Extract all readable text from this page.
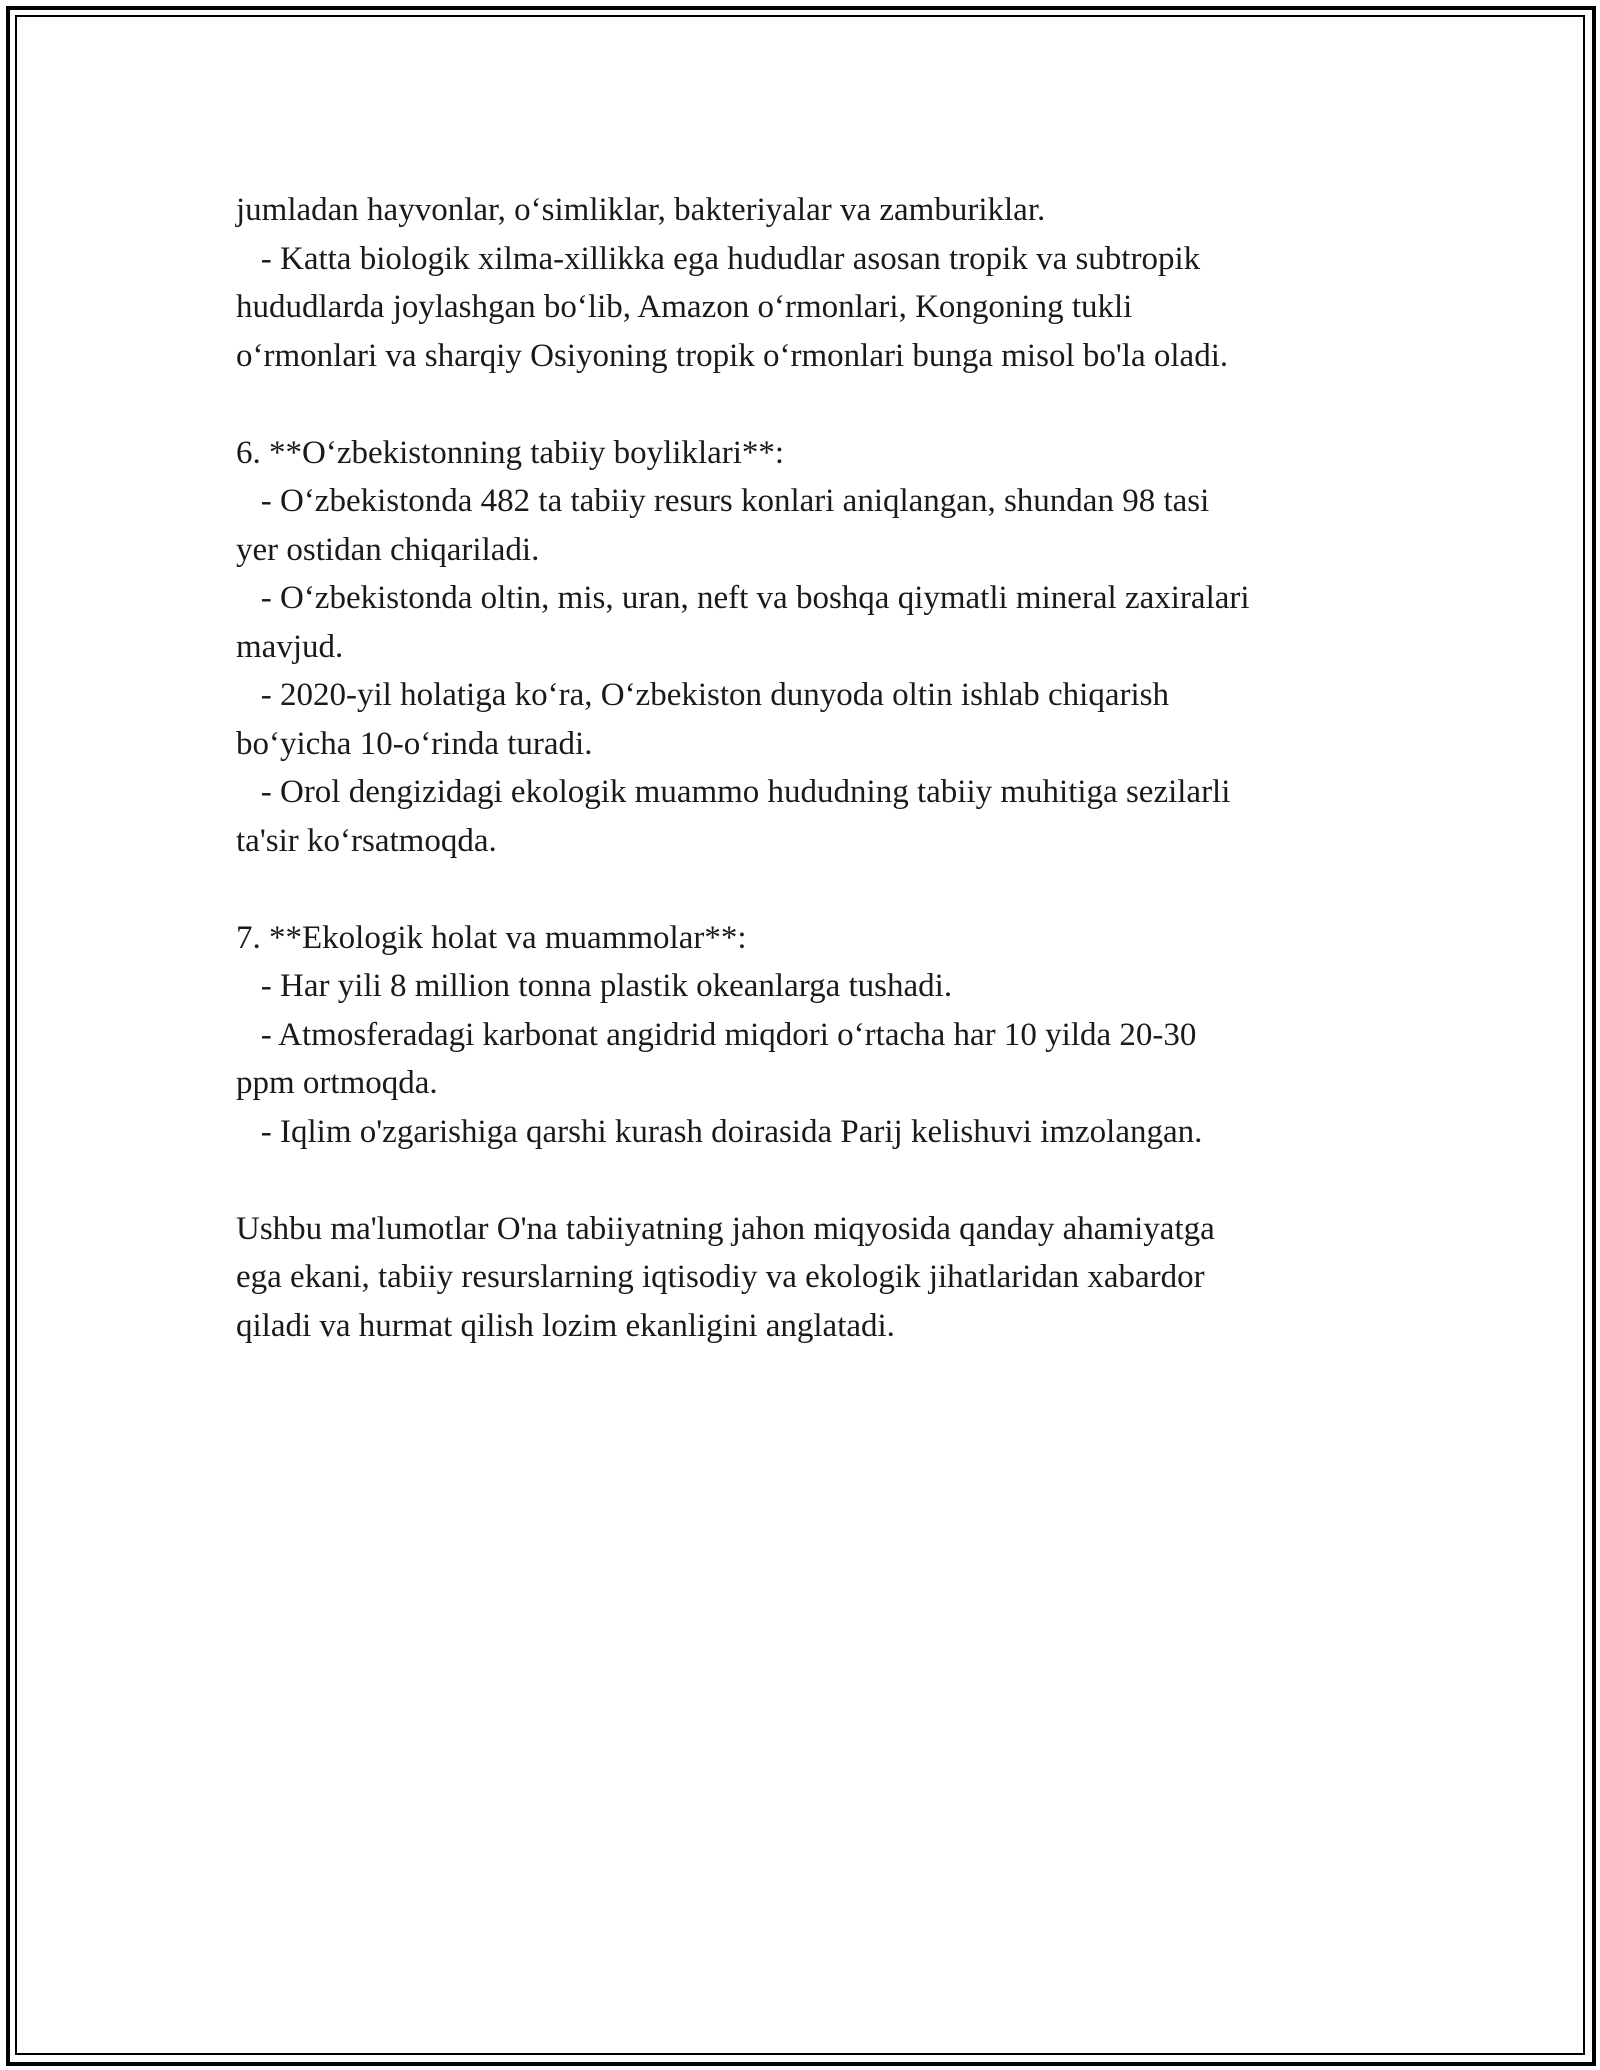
jumladan hayvonlar, o‘simliklar, bakteriyalar va zamburiklar.
- Katta biologik xilma-xillikka ega hududlar asosan tropik va subtropik
hududlarda joylashgan bo‘lib, Amazon o‘rmonlari, Kongoning tukli
o‘rmonlari va sharqiy Osiyoning tropik o‘rmonlari bunga misol bo'la oladi.
6. **O‘zbekistonning tabiiy boyliklari**:
- O‘zbekistonda 482 ta tabiiy resurs konlari aniqlangan, shundan 98 tasi
yer ostidan chiqariladi.
- O‘zbekistonda oltin, mis, uran, neft va boshqa qiymatli mineral zaxiralari
mavjud.
- 2020-yil holatiga ko‘ra, O‘zbekiston dunyoda oltin ishlab chiqarish
bo‘yicha 10-o‘rinda turadi.
- Orol dengizidagi ekologik muammo hududning tabiiy muhitiga sezilarli
ta'sir ko‘rsatmoqda.
7. **Ekologik holat va muammolar**:
- Har yili 8 million tonna plastik okeanlarga tushadi.
- Atmosferadagi karbonat angidrid miqdori o‘rtacha har 10 yilda 20-30
ppm ortmoqda.
- Iqlim o'zgarishiga qarshi kurash doirasida Parij kelishuvi imzolangan.
Ushbu ma'lumotlar O'na tabiiyatning jahon miqyosida qanday ahamiyatga
ega ekani, tabiiy resurslarning iqtisodiy va ekologik jihatlaridan xabardor
qiladi va hurmat qilish lozim ekanligini anglatadi.
